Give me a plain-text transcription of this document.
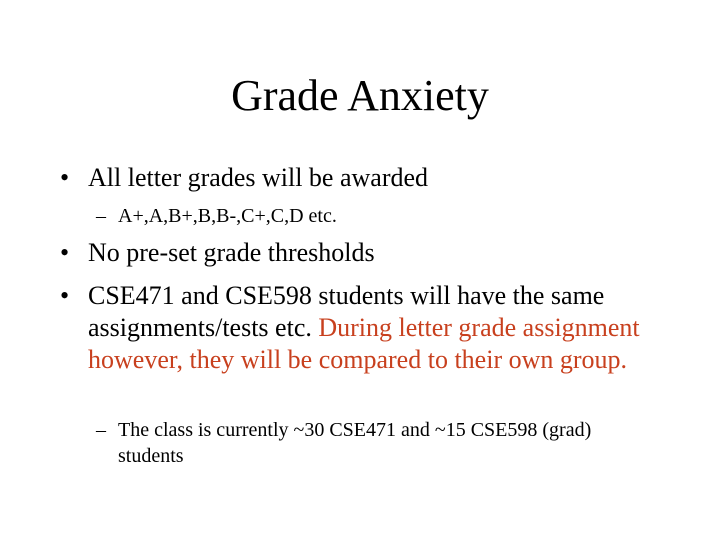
Grade Anxiety
• All letter grades will be awarded
– A+,A,B+,B,B-,C+,C,D etc.
• No pre-set grade thresholds
• CSE471 and CSE598 students will have the same assignments/tests etc. During letter grade assignment however, they will be compared to their own group.
– The class is currently ~30 CSE471 and ~15 CSE598 (grad) students
